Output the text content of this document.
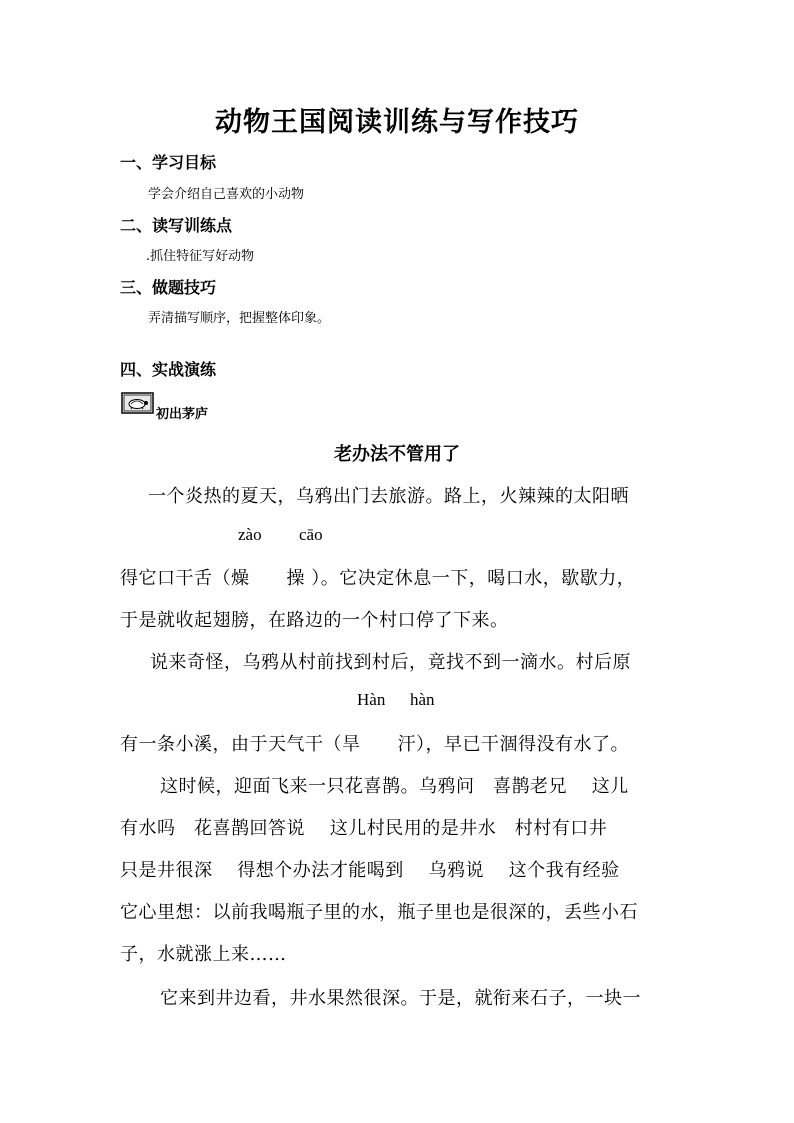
动物王国阅读训练与写作技巧
一、学习目标
学会介绍自己喜欢的小动物
二、读写训练点
.抓住特征写好动物
三、做题技巧
弄清描写顺序，把握整体印象。
四、实战演练
初出茅庐
老办法不管用了
一个炎热的夏天，乌鸦出门去旅游。路上，火辣辣的太阳晒
zào cāo
得它口干舌（燥　　操 ）。它决定休息一下，喝口水，歇歇力，
于是就收起翅膀，在路边的一个村口停了下来。
说来奇怪，乌鸦从村前找到村后，竟找不到一滴水。村后原
Hàn hàn
有一条小溪，由于天气干（旱　　汗），早已干涸得没有水了。
这时候，迎面飞来一只花喜鹊。乌鸦问　喜鹊老兄　 这儿
有水吗　花喜鹊回答说　 这儿村民用的是井水　村村有口井
只是井很深　 得想个办法才能喝到　 乌鸦说　 这个我有经验
它心里想：以前我喝瓶子里的水，瓶子里也是很深的，丢些小石
子，水就涨上来……
它来到井边看，井水果然很深。于是，就衔来石子，一块一
